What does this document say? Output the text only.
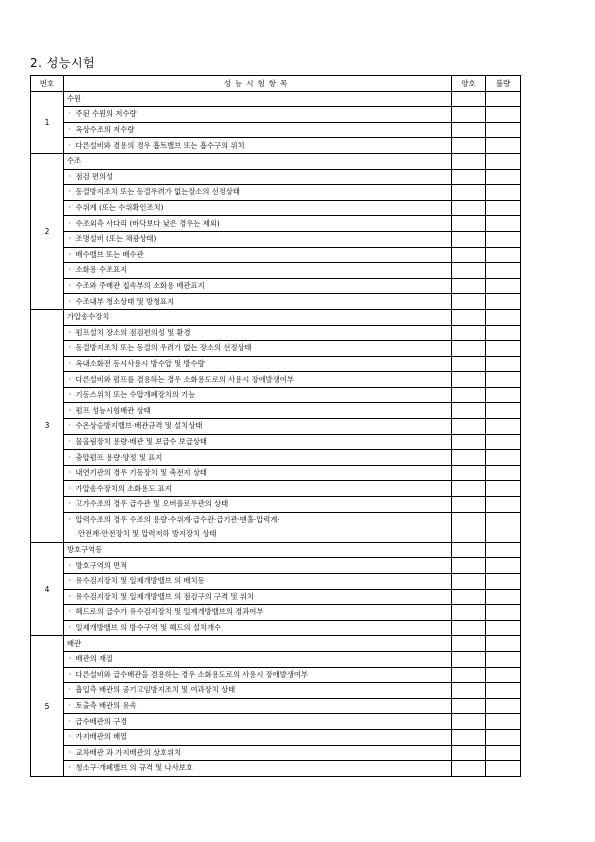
2. 성능시험
번호	성능시험항목	양호	불량
1	수원		
	◦ 주된 수원의 저수량		
	◦ 옥상수조의 저수량		
	◦ 다른설비와 겸용의 경우 흡트밸브 또는 흡수구의 위치		
2	수조		
	◦ 점검 편의성		
	◦ 동결방지조치 또는 동결우려가 없는장소의 선정상태		
	◦ 수위계 (또는 수위확인조치)		
	◦ 수조외측 사다리 (바닥보다 낮은 경우는 제외)		
	◦ 조명설비 (또는 채광상태)		
	◦ 배수밸브 또는 배수관		
	◦ 소화용 수조표지		
	◦ 수조와 주배관 접속부의 소화용 배관표지		
	◦ 수조내부 청소상태 및 방청표지		
3	가압송수장치		
	◦ 펌프설치 장소의 점검편의성 및 환경		
	◦ 동결방지조치 또는 동결의 우려가 없는 장소의 선정상태		
	◦ 옥내소화전 동시사용시 방수압 및 방수량		
	◦ 다른설비와 펌프를 겸용하는 경우 소화용도로의 사용시 장애발생여부		
	◦ 기동스위치 또는 수압개폐장치의 기능		
	◦ 펌프 성능시험배관 상태		
	◦ 수온상승방지밸브·배관규격 및 설치상태		
	◦ 물올림장치 용량·배관 및 보급수 보급상태		
	◦ 충압펌프 용량·양정 및 표지		
	◦ 내연기관의 경우 기동장치 및 축전지 상태		
	◦ 가압송수장치의 소화용도 표지		
	◦ 고가수조의 경우 급수관 및 오버플로우관의 상태		
	◦ 압력수조의 경우 수조의 용량·수위계·급수관·급기관·맨홀·압력계·
안전계·안전장치 및 압력저하 방지장치 상태		

4	방호구역등		
	◦ 방호구역의 면적		
	◦ 유수검지장치 및 일제개방밸브 의 배치등		
	◦ 유수검지장치 및 일제개방밸브 의 점검구의 구격 및 위치		
	◦ 헤드로의 급수가 유수검지장치 및 일제개방밸브의 경과여부		
	◦ 일제개방밸브 의 방수구역 및 헤드의 설치개수		
5	배관		
	◦ 배관의 재질		
	◦ 다른설비와 급수배관을 겸용하는 경우 소화용도로의 사용시 장애발생여부		
	◦ 흡입측 배관의 공기고임방지조치 및 여과장치 상태		
	◦ 토출측 배관의 유속		
	◦ 급수배관의 구경		
	◦ 가지배관의 배열		
	◦ 교차배관 과 가지배관의 상호위치		
	◦ 청소구·개폐밸브 의 규격 및 나사보호		
